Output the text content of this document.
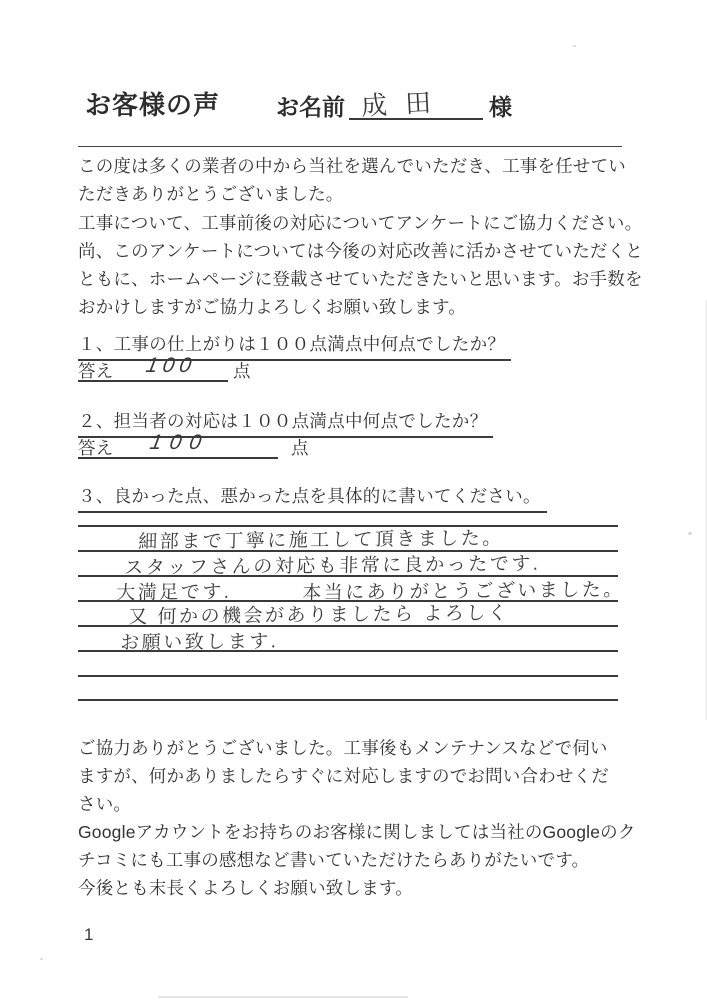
お客様の声 お名前 成田 様
この度は多くの業者の中から当社を選んでいただき、工事を任せてい
ただきありがとうございました。
工事について、工事前後の対応についてアンケートにご協力ください。
尚、このアンケートについては今後の対応改善に活かさせていただくと
ともに、ホームページに登載させていただきたいと思います。お手数を
おかけしますがご協力よろしくお願い致します。
１、工事の仕上がりは１００点満点中何点でしたか？
答え 100 点
２、担当者の対応は１００点満点中何点でしたか？
答え 100	点
３、良かった点、悪かった点を具体的に書いてください。
細部まで丁寧に施工して頂きました。
スタッフさんの対応も非常に良かったです.
大満足です.	本当にありがとうございました。
又 何かの機会がありましたら よろしく
お願い致します.
ご協力ありがとうございました。工事後もメンテナンスなどで伺い
ますが、何かありましたらすぐに対応しますのでお問い合わせくだ
さい。
Googleアカウントをお持ちのお客様に関しましては当社のGoogleのク
チコミにも工事の感想など書いていただけたらありがたいです。
今後とも末長くよろしくお願い致します。
1
